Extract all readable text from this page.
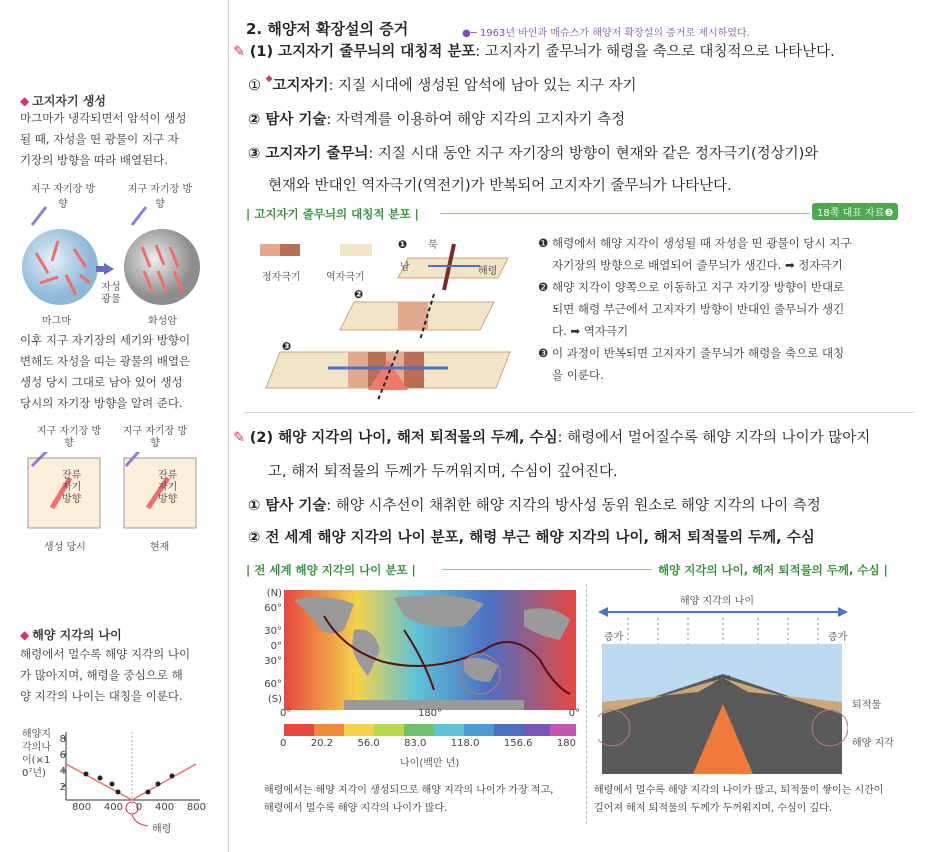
◆ 고지자기 생성
마그마가 냉각되면서 암석이 생성
될 때, 자성을 띤 광물이 지구 자
기장의 방향을 따라 배열된다.
지구 자기장 방향
지구 자기장 방향
자성 광물
마그마	화성암
이후 지구 자기장의 세기와 방향이
변해도 자성을 띠는 광물의 배열은
생성 당시 그대로 남아 있어 생성
당시의 자기장 방향을 알려 준다.
지구 자기장 방향
지구 자기장 방향
잔류 자기 방향
잔류 자기 방향
생성 당시	현재
◆ 해양 지각의 나이
해령에서 멀수록 해양 지각의 나이
가 많아지며, 해령을 중심으로 해
양 지각의 나이는 대칭을 이룬다.
해양지각의나이(×10⁷년)
8
6
4
2
800 400 0 400 800
해령
2. 해양저 확장설의 증거	●─ 1963년 바인과 매슈스가 해양저 확장설의 증거로 제시하였다.
✎ (1) 고지자기 줄무늬의 대칭적 분포: 고지자기 줄무늬가 해령을 축으로 대칭적으로 나타난다.
① ◆고지자기: 지질 시대에 생성된 암석에 남아 있는 지구 자기
② 탐사 기술: 자력계를 이용하여 해양 지각의 고지자기 측정
③ 고지자기 줄무늬: 지질 시대 동안 지구 자기장의 방향이 현재와 같은 정자극기(정상기)와
현재와 반대인 역자극기(역전기)가 반복되어 고지자기 줄무늬가 나타난다.
| 고지자기 줄무늬의 대칭적 분포 |	18쪽 대표 자료❸
정자극기	역자극기
❶
❷
❸
북
남	해령
❶ 해령에서 해양 지각이 생성될 때 자성을 띤 광물이 당시 지구
자기장의 방향으로 배열되어 줄무늬가 생긴다. ➡ 정자극기
❷ 해양 지각이 양쪽으로 이동하고 지구 자기장 방향이 반대로
되면 해령 부근에서 고지자기 방향이 반대인 줄무늬가 생긴
다. ➡ 역자극기
❸ 이 과정이 반복되면 고지자기 줄무늬가 해령을 축으로 대칭
을 이룬다.
✎ (2) 해양 지각의 나이, 해저 퇴적물의 두께, 수심: 해령에서 멀어질수록 해양 지각의 나이가 많아지
고, 해저 퇴적물의 두께가 두꺼워지며, 수심이 깊어진다.
① 탐사 기술: 해양 시추선이 채취한 해양 지각의 방사성 동위 원소로 해양 지각의 나이 측정
② 전 세계 해양 지각의 나이 분포, 해령 부근 해양 지각의 나이, 해저 퇴적물의 두께, 수심
| 전 세계 해양 지각의 나이 분포 |	해양 지각의 나이, 해저 퇴적물의 두께, 수심 |
(N)
60°
30°
0°
30°
60°
(S)
0°	180°	0°
0 20.2 56.0 83.0 118.0 156.6 180
나이(백만 년)
해령에서는 해양 지각이 생성되므로 해양 지각의 나이가 가장 적고,
해령에서 멀수록 해양 지각의 나이가 많다.
해양 지각의 나이
증가	증가
해령
퇴적물
해양 지각
해령에서 멀수록 해양 지각의 나이가 많고, 퇴적물이 쌓이는 시간이
길어져 해저 퇴적물의 두께가 두꺼워지며, 수심이 깊다.
